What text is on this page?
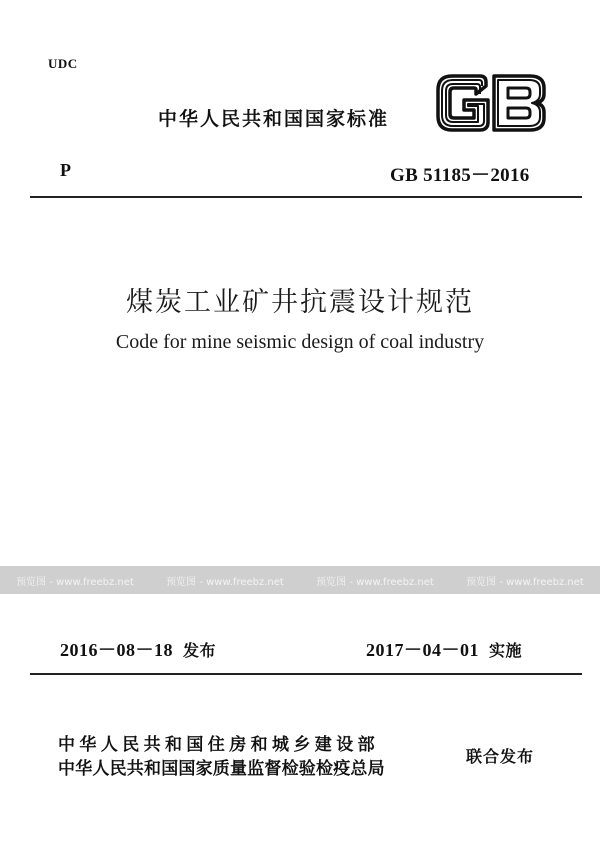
UDC
中华人民共和国国家标准
P	GB 51185－2016
煤炭工业矿井抗震设计规范
Code for mine seismic design of coal industry
预览图 - www.freebz.net	预览图 - www.freebz.net	预览图 - www.freebz.net	预览图 - www.freebz.net
2016－08－18 发布	2017－04－01 实施
中华人民共和国住房和城乡建设部
中华人民共和国国家质量监督检验检疫总局
联合发布
